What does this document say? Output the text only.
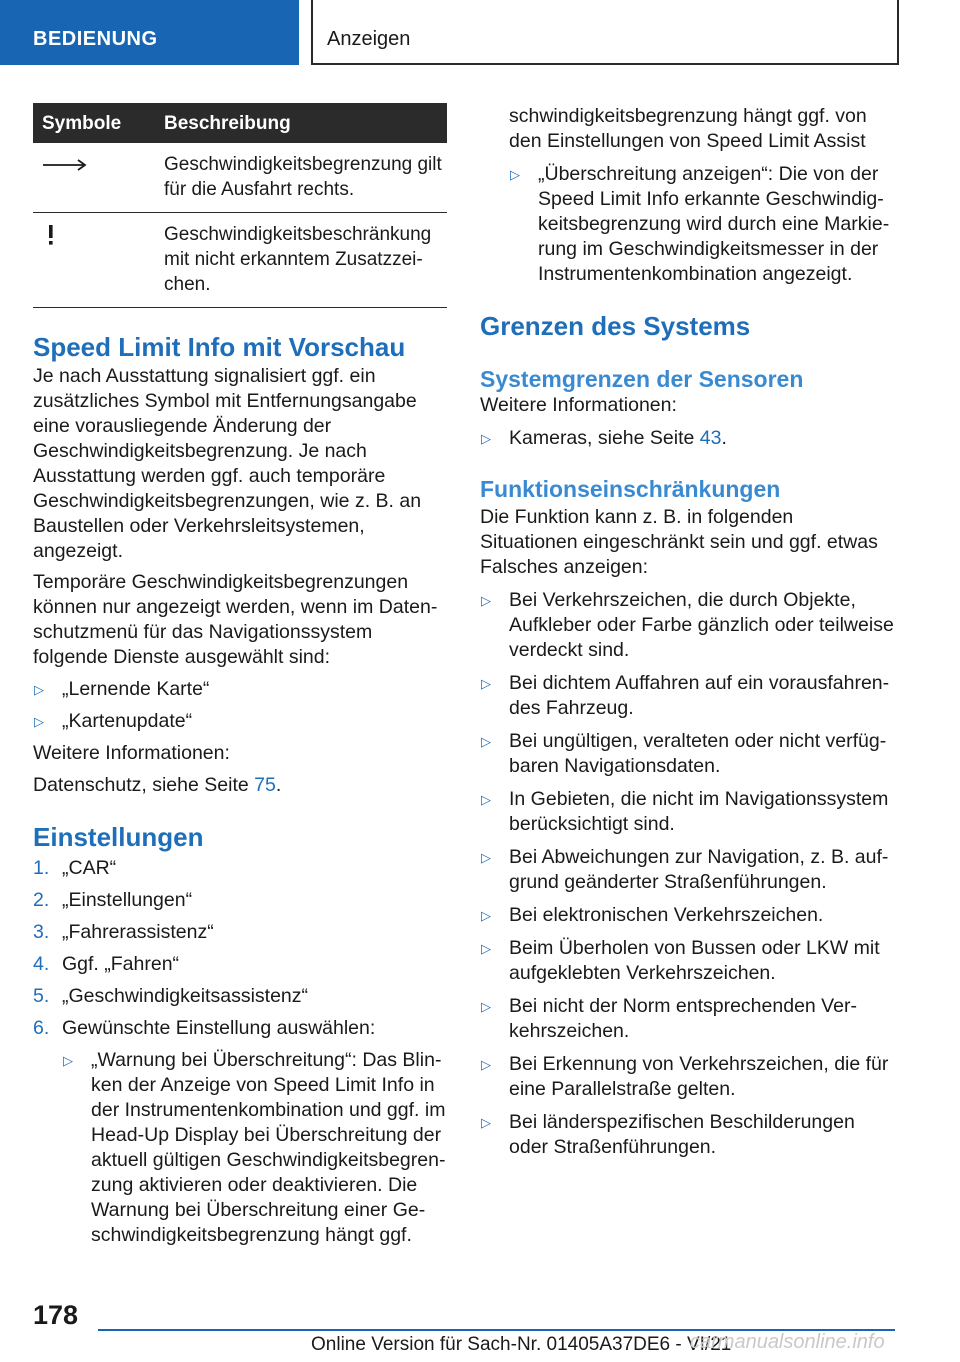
BEDIENUNG	Anzeigen
Symbole	Beschreibung
	Geschwindigkeitsbegrenzung gilt für die Ausfahrt rechts.
	Geschwindigkeitsbeschränkung mit nicht erkanntem Zusatzzeichen.
Speed Limit Info mit Vorschau

Je nach Ausstattung signalisiert ggf. ein zusätzliches Symbol mit Entfernungsangabe eine vorausliegende Änderung der Geschwindigkeitsbegrenzung. Je nach Ausstattung werden ggf. auch temporäre Geschwindigkeitsbegrenzungen, wie z. B. an Baustellen oder Verkehrsleitsystemen, angezeigt.

Temporäre Geschwindigkeitsbegrenzungen können nur angezeigt werden, wenn im Datenschutzmenü für das Navigationssystem folgende Dienste ausgewählt sind:

▷ „Lernende Karte“
▷ „Kartenupdate“

Weitere Informationen:

Datenschutz, siehe Seite 75.

Einstellungen
1. „CAR“
2. „Einstellungen“
3. „Fahrerassistenz“
4. Ggf. „Fahren“
5. „Geschwindigkeitsassistenz“
6. Gewünschte Einstellung auswählen:
▷ „Warnung bei Überschreitung“: Das Blinken der Anzeige von Speed Limit Info in der Instrumentenkombination und ggf. im Head-Up Display bei Überschreitung der aktuell gültigen Geschwindigkeitsbegrenzung aktivieren oder deaktivieren. Die Warnung bei Überschreitung einer Geschwindigkeitsbegrenzung hängt ggf.
chwindigkeitsbegrenzung hängt ggf. von den Einstellungen von Speed Limit Assist
▷ „Überschreitung anzeigen“: Die von der Speed Limit Info erkannte Geschwindigkeitsbegrenzung wird durch eine Markierung im Geschwindigkeitsmesser in der Instrumentenkombination angezeigt.
Grenzen des Systems
Systemgrenzen der Sensoren

Weitere Informationen:

▷ Kameras, siehe Seite 43.
Funktionseinschränkungen

Die Funktion kann z. B. in folgenden Situationen eingeschränkt sein und ggf. etwas Falsches anzeigen:

▷ Bei Verkehrszeichen, die durch Objekte, Aufkleber oder Farbe gänzlich oder teilweise verdeckt sind.
▷ Bei dichtem Auffahren auf ein vorausfahrendes Fahrzeug.
▷ Bei ungültigen, veralteten oder nicht verfügbaren Navigationsdaten.
▷ In Gebieten, die nicht im Navigationssystem berücksichtigt sind.
▷ Bei Abweichungen zur Navigation, z. B. aufgrund geänderter Straßenführungen.
▷ Bei elektronischen Verkehrszeichen.
▷ Beim Überholen von Bussen oder LKW mit aufgeklebten Verkehrszeichen.
▷ Bei nicht der Norm entsprechenden Verkehrszeichen.
▷ Bei Erkennung von Verkehrszeichen, die für eine Parallelstraße gelten.
▷ Bei länderspezifischen Beschilderungen oder Straßenführungen.
178
Online Version für Sach-Nr. 01405A37DE6 - VI/21
carmanualsonline.info
